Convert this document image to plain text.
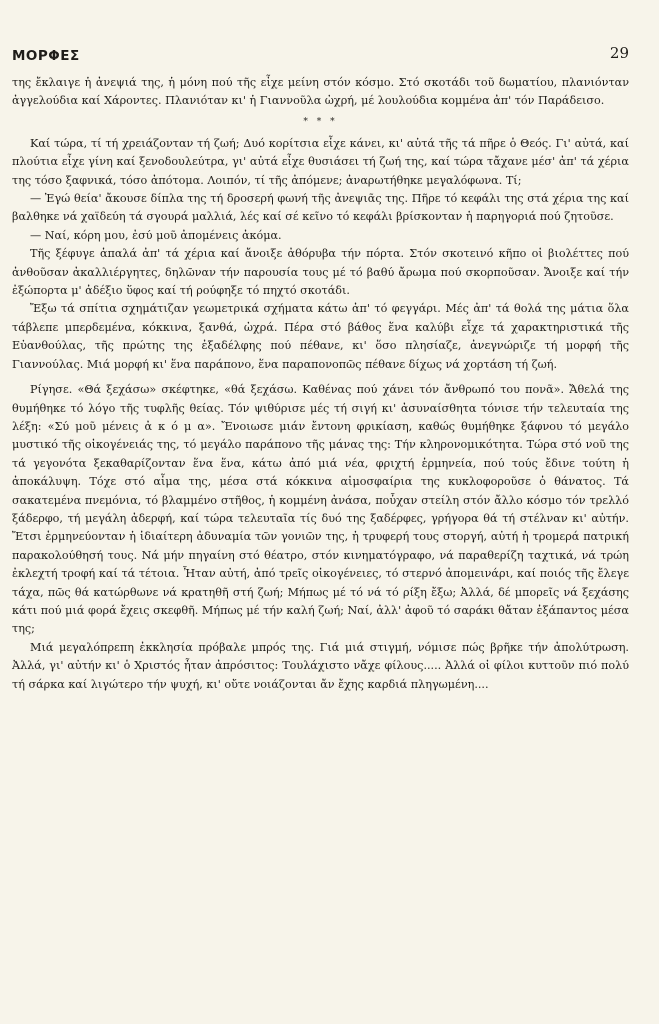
ΜΟΡΦΕΣ	29

της ἔκλαιγε ἡ ἀνεψιά της, ἡ μόνη πού τῆς εἶχε μείνη στόν κόσμο. Στό σκοτάδι τοῦ δωματίου, πλανιόνταν ἀγγελούδια καί Χάροντες. Πλανιόταν κι' ἡ Γιαννοῦλα ὠχρή, μέ λουλούδια κομμένα ἀπ' τόν Παράδεισο.

* * *

Καί τώρα, τί τή χρειάζονταν τή ζωή; Δυό κορίτσια εἶχε κάνει, κι' αὐτά τῆς τά πῆρε ὁ Θεός. Γι' αὐτά, καί πλούτια εἶχε γίνη καί ξενοδουλεύτρα, γι' αὐτά εἶχε θυσιάσει τή ζωή της, καί τώρα τἄχανε μέσ' ἀπ' τά χέρια της τόσο ξαφνικά, τόσο ἀπότομα. Λοιπόν, τί τῆς ἀπόμενε; ἀναρωτήθηκε μεγαλόφωνα. Τί;

— Ἐγώ θεία' ἄκουσε δίπλα της τή δροσερή φωνή τῆς ἀνεψιᾶς της. Πῆρε τό κεφάλι της στά χέρια της καί βαλθηκε νά χαϊδεύη τά σγουρά μαλλιά, λές καί σέ κεῖνο τό κεφάλι βρίσκονταν ἡ παρηγοριά πού ζητοῦσε.

— Ναί, κόρη μου, ἐσύ μοῦ ἀπομένεις ἀκόμα.

Τῆς ξέφυγε ἁπαλά ἀπ' τά χέρια καί ἄνοιξε ἀθόρυβα τήν πόρτα. Στόν σκοτεινό κῆπο οἱ βιολέττες πού ἀνθοῦσαν ἀκαλλιέργητες, δηλῶναν τήν παρουσία τους μέ τό βαθύ ἄρωμα πού σκορποῦσαν. Ἄνοιξε καί τήν ἐξώπορτα μ' ἀδέξιο ὕφος καί τή ρούφηξε τό πηχτό σκοτάδι.

Ἔξω τά σπίτια σχημάτιζαν γεωμετρικά σχήματα κάτω ἀπ' τό φεγγάρι. Μές ἀπ' τά θολά της μάτια ὅλα τάβλεπε μπερδεμένα, κόκκινα, ξανθά, ὠχρά. Πέρα στό βάθος ἕνα καλύβι εἶχε τά χαρακτηριστικά τῆς Εὐανθούλας, τῆς πρώτης της ἐξαδέλφης πού πέθανε, κι' ὅσο πλησίαζε, ἀνεγνώριζε τή μορφή τῆς Γιαννούλας. Μιά μορφή κι' ἕνα παράπονο, ἕνα παραπονοπῶς πέθανε δίχως νά χορτάση τή ζωή.

Ρίγησε. «Θά ξεχάσω» σκέφτηκε, «θά ξεχάσω. Καθένας πού χάνει τόν ἄνθρωπό του πονᾶ». Ἄθελά της θυμήθηκε τό λόγο τῆς τυφλῆς θείας. Τόν ψιθύρισε μές τή σιγή κι' ἀσυναίσθητα τόνισε τήν τελευταία της λέξη: «Σύ μοῦ μένεις ἀ κ ό μ α». Ἔνοιωσε μιάν ἔντονη φρικίαση, καθώς θυμήθηκε ξάφνου τό μεγάλο μυστικό τῆς οἰκογένειάς της, τό μεγάλο παράπονο τῆς μάνας της: Τήν κληρονομικότητα. Τώρα στό νοῦ της τά γεγονότα ξεκαθαρίζονταν ἕνα ἕνα, κάτω ἀπό μιά νέα, φριχτή ἑρμηνεία, πού τούς ἔδινε τούτη ἡ ἀποκάλυψη. Τόχε στό αἷμα της, μέσα στά κόκκινα αἱμοσφαίρια της κυκλοφοροῦσε ὁ θάνατος. Τά σακατεμένα πνεμόνια, τό βλαμμένο στῆθος, ἡ κομμένη ἀνάσα, ποὖχαν στείλη στόν ἄλλο κόσμο τόν τρελλό ξάδερφο, τή μεγάλη ἀδερφή, καί τώρα τελευταῖα τίς δυό της ξαδέρφες, γρήγορα θά τή στέλναν κι' αὐτήν. Ἔτσι ἑρμηνεύονταν ἡ ἰδιαίτερη ἀδυναμία τῶν γονιῶν της, ἡ τρυφερή τους στοργή, αὐτή ἡ τρομερά πατρική παρακολούθησή τους. Νά μήν πηγαίνη στό θέατρο, στόν κινηματόγραφο, νά παραθερίζη ταχτικά, νά τρώη ἐκλεχτή τροφή καί τά τέτοια. Ἦταν αὐτή, ἀπό τρεῖς οἰκογένειες, τό στερνό ἀπομεινάρι, καί ποιός τῆς ἔλεγε τάχα, πῶς θά κατώρθωνε νά κρατηθῆ στή ζωή; Μήπως μέ τό νά τό ρίξη ἔξω; Ἀλλά, δέ μπορεῖς νά ξεχάσης κάτι πού μιά φορά ἔχεις σκεφθῆ. Μήπως μέ τήν καλή ζωή; Ναί, ἀλλ' ἀφοῦ τό σαράκι θἄταν ἐξάπαντος μέσα της;

Μιά μεγαλόπρεπη ἐκκλησία πρόβαλε μπρός της. Γιά μιά στιγμή, νόμισε πώς βρῆκε τήν ἀπολύτρωση. Ἀλλά, γι' αὐτήν κι' ὁ Χριστός ἦταν ἀπρόσιτος: Τουλάχιστο νἄχε φίλους..... Ἀλλά οἱ φίλοι κυττοῦν πιό πολύ τή σάρκα καί λιγώτερο τήν ψυχή, κι' οὔτε νοιάζονται ἄν ἔχης καρδιά πληγωμένη....
